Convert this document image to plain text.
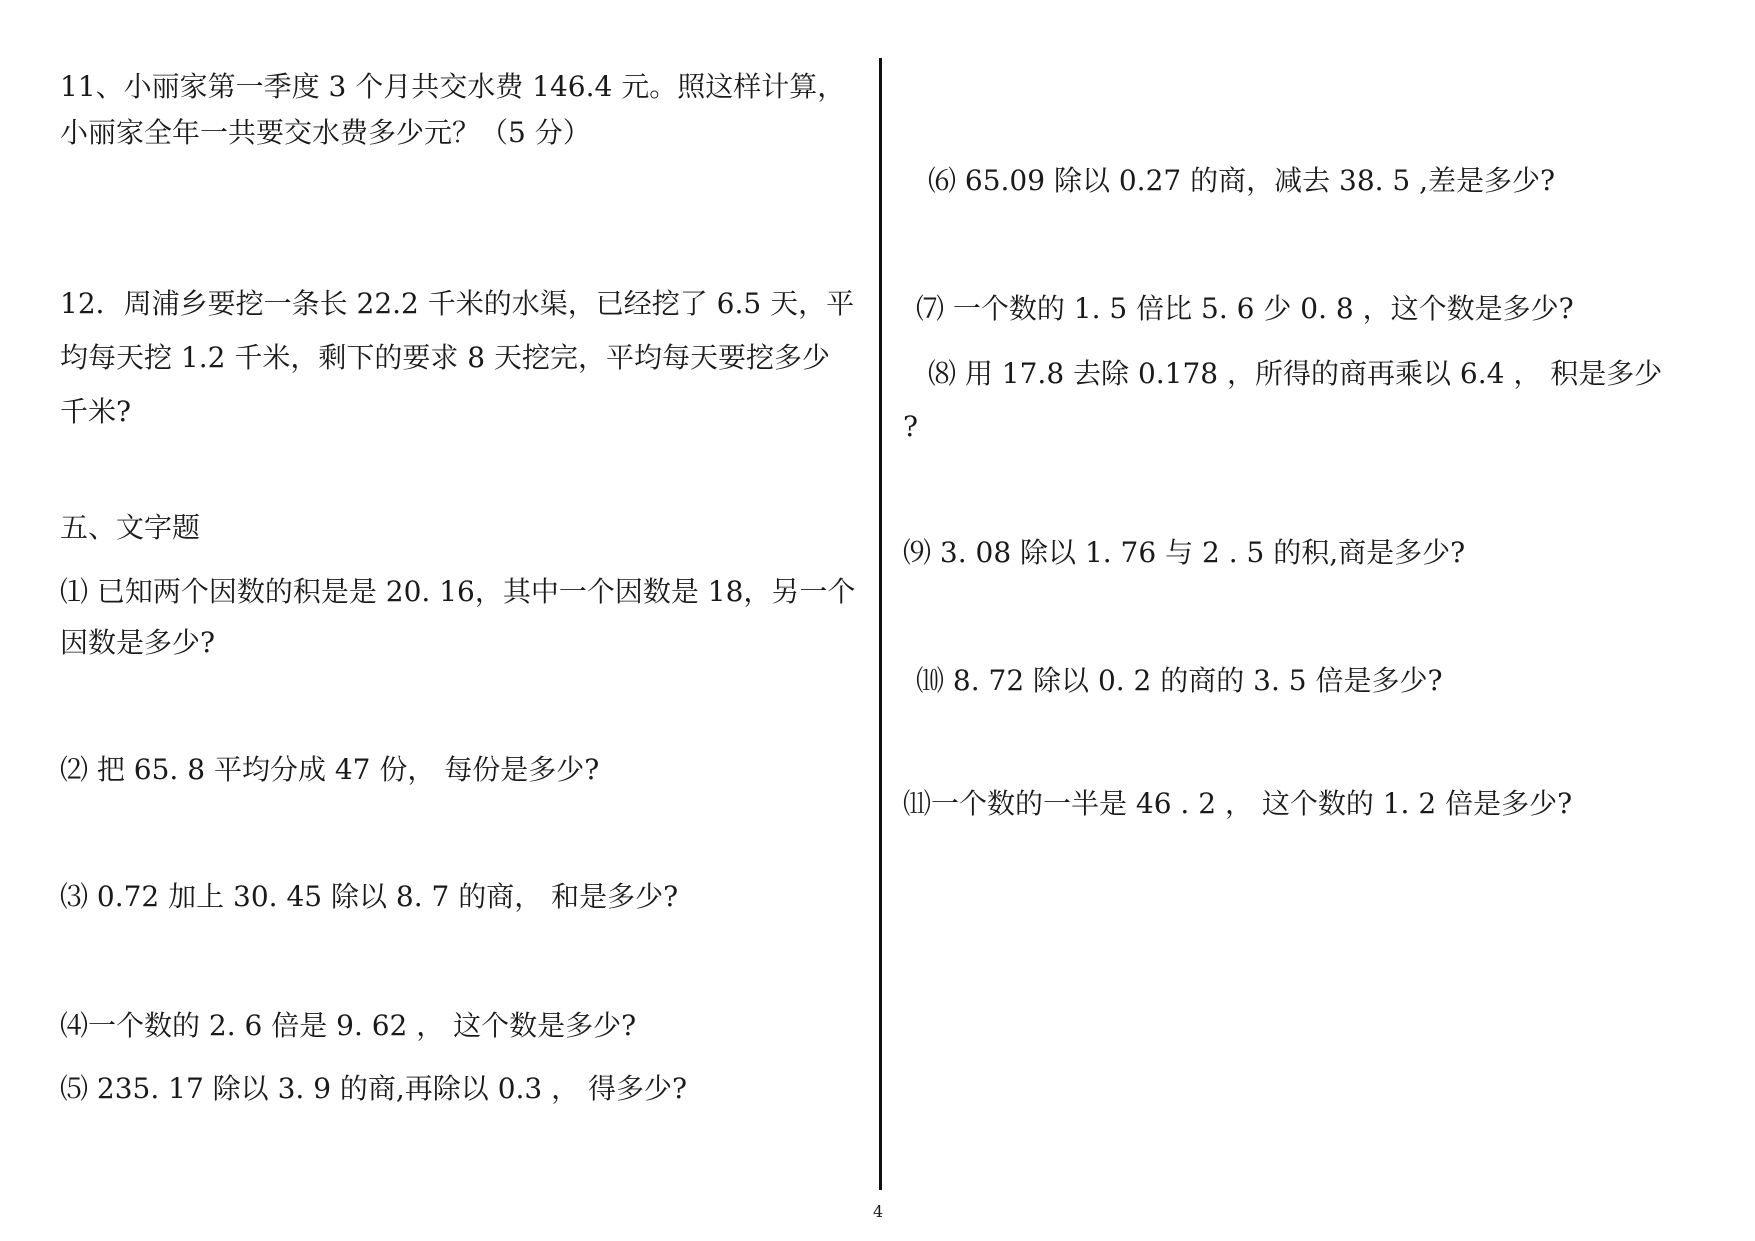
11、小丽家第一季度 3 个月共交水费 146.4 元。照这样计算，
小丽家全年一共要交水费多少元？（5 分）
12．周浦乡要挖一条长 22.2 千米的水渠，已经挖了 6.5 天，平
均每天挖 1.2 千米，剩下的要求 8 天挖完，平均每天要挖多少
千米?
五、文字题
⑴ 已知两个因数的积是是 20. 16，其中一个因数是 18，另一个
因数是多少?
⑵ 把 65. 8 平均分成 47 份， 每份是多少?
⑶ 0.72 加上 30. 45 除以 8. 7 的商， 和是多少?
⑷一个数的 2. 6 倍是 9. 62 ， 这个数是多少?
⑸ 235. 17 除以 3. 9 的商,再除以 0.3 ， 得多少?
⑹ 65.09 除以 0.27 的商，减去 38. 5 ,差是多少?
⑺ 一个数的 1. 5 倍比 5. 6 少 0. 8 ，这个数是多少?
⑻ 用 17.8 去除 0.178 ，所得的商再乘以 6.4 ， 积是多少
?
⑼ 3. 08 除以 1. 76 与 2 . 5 的积,商是多少?
⑽ 8. 72 除以 0. 2 的商的 3. 5 倍是多少?
⑾一个数的一半是 46 . 2 ， 这个数的 1. 2 倍是多少?
4
